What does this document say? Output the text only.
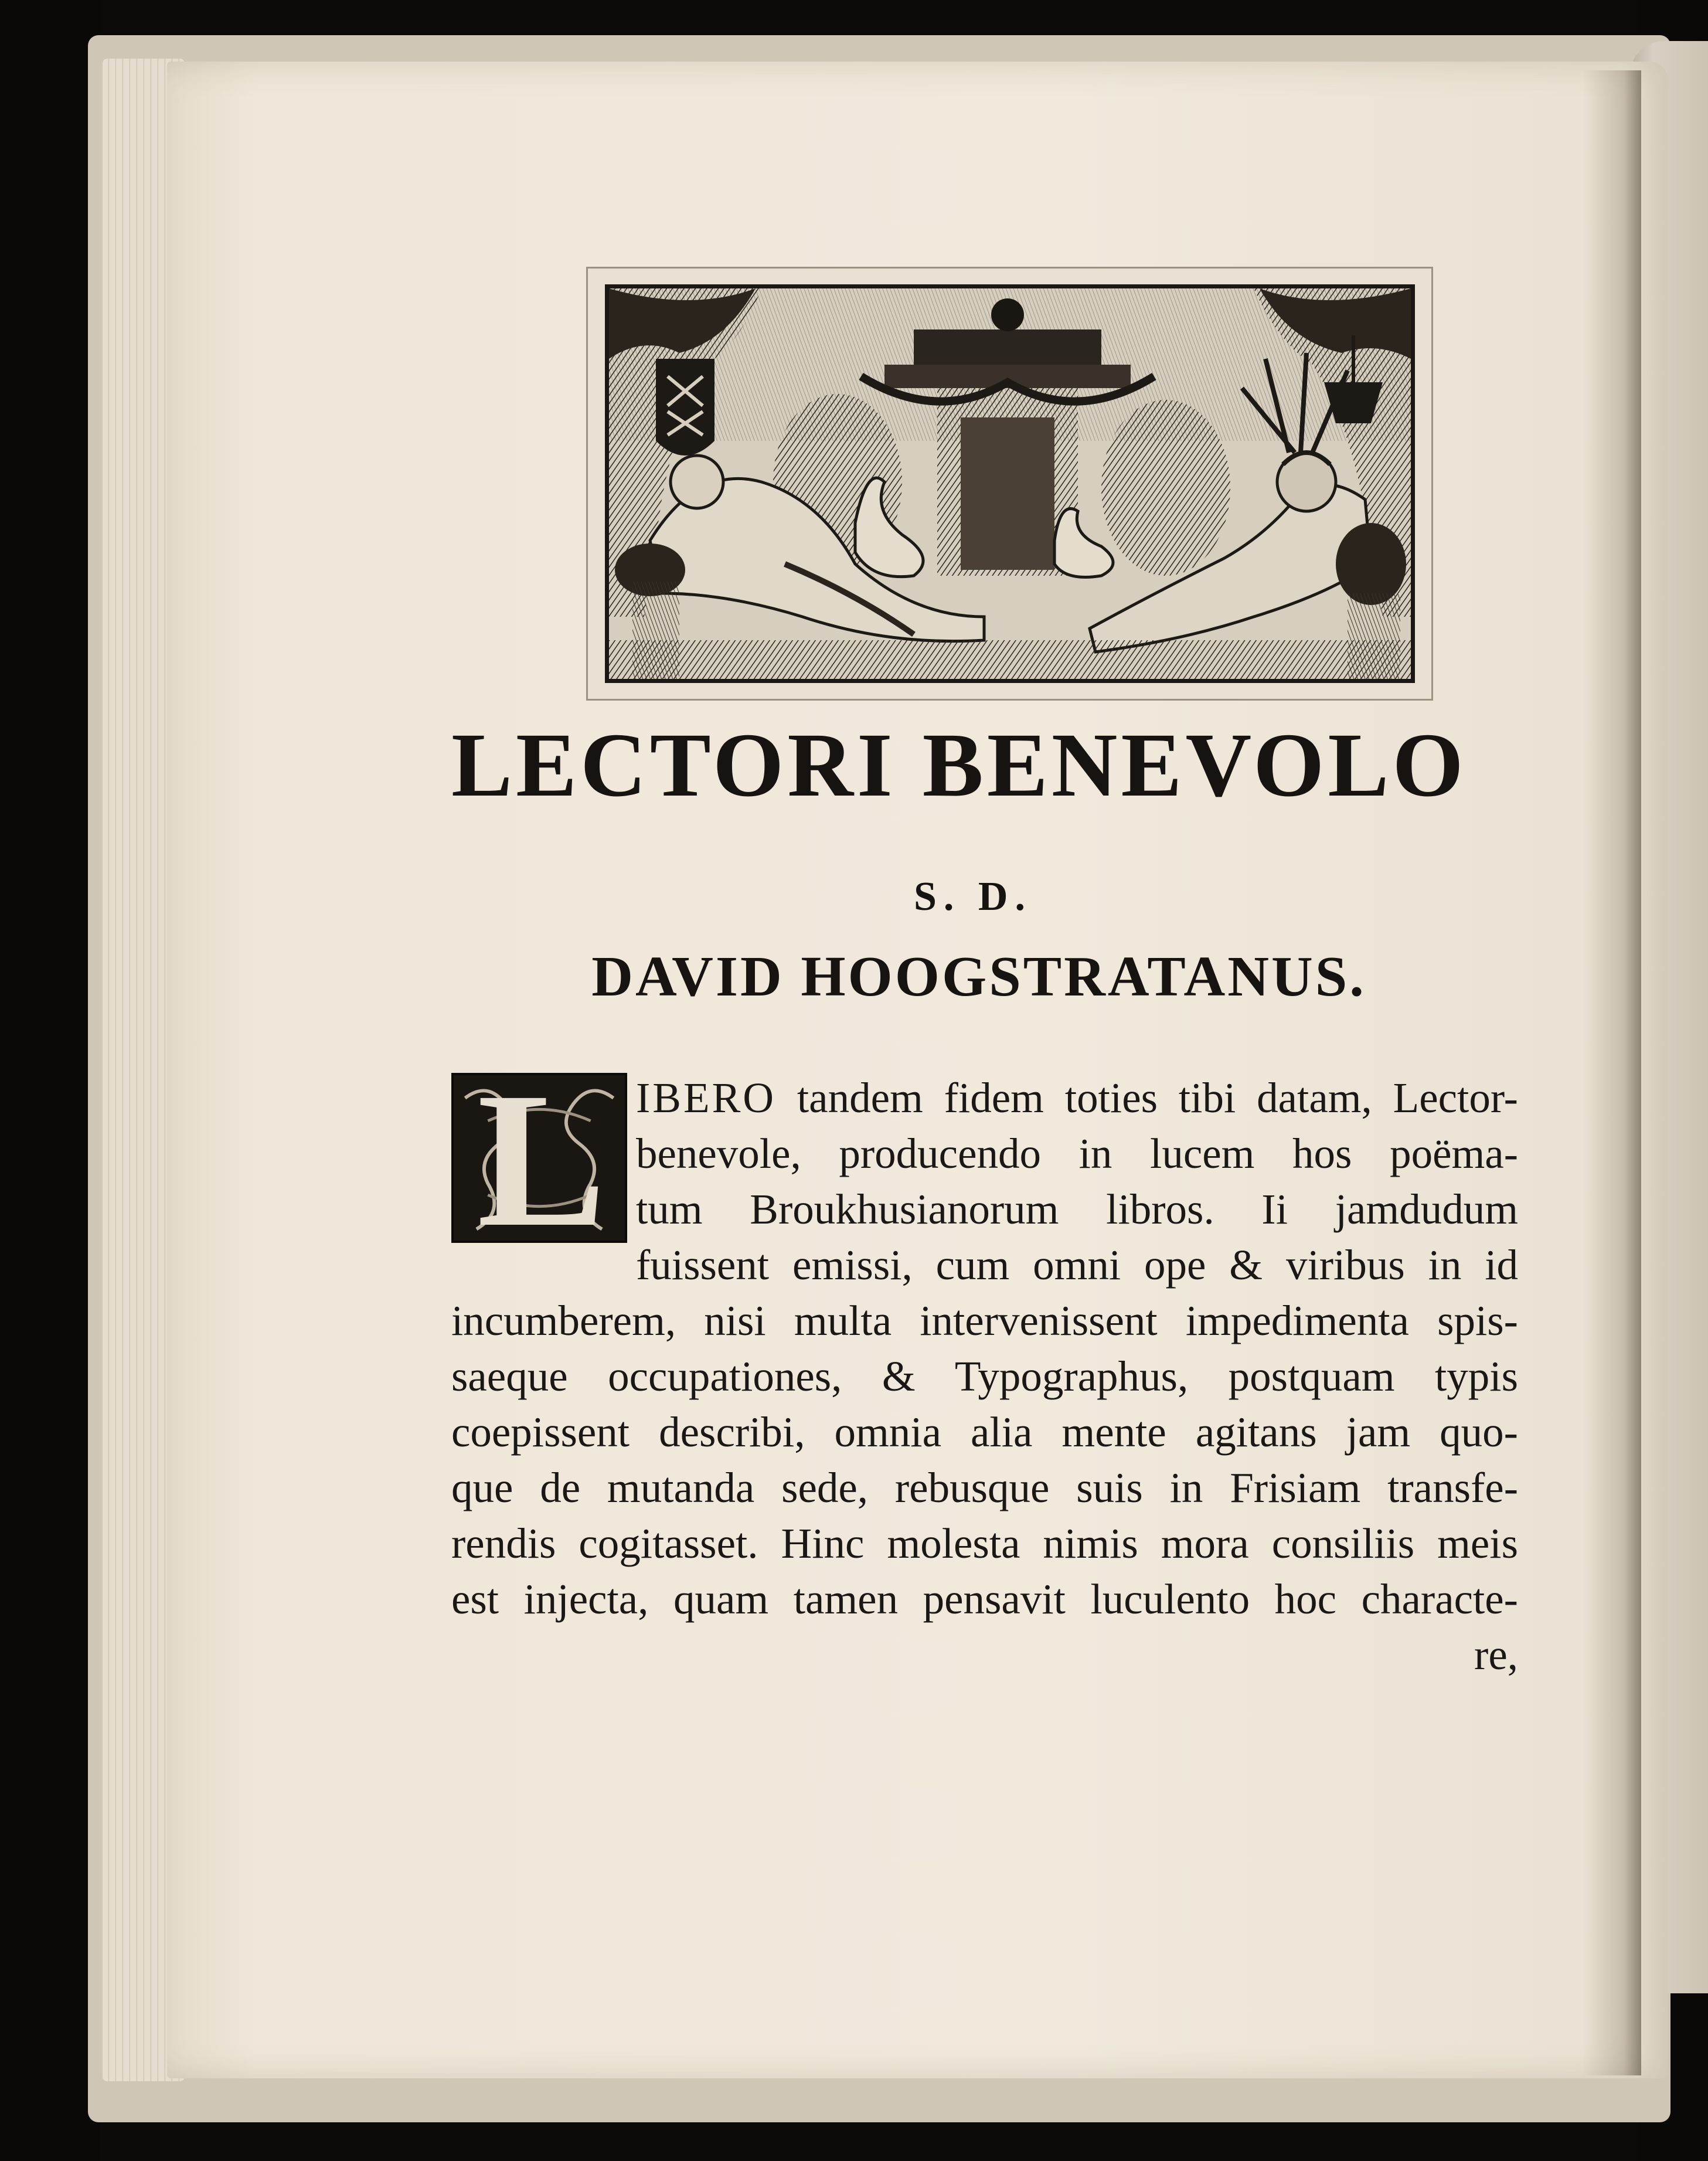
LECTORI BENEVOLO
S. D.
DAVID HOOGSTRATANUS.
L IBERO tandem fidem toties tibi datam, Lector-
benevole, producendo in lucem hos poëma-
tum Broukhusianorum libros. Ii jamdudum
fuissent emissi, cum omni ope & viribus in id
incumberem, nisi multa intervenissent impedimenta spis-
saeque occupationes, & Typographus, postquam typis
coepissent describi, omnia alia mente agitans jam quo-
que de mutanda sede, rebusque suis in Frisiam transfe-
rendis cogitasset. Hinc molesta nimis mora consiliis meis
est injecta, quam tamen pensavit luculento hoc characte-
re,
